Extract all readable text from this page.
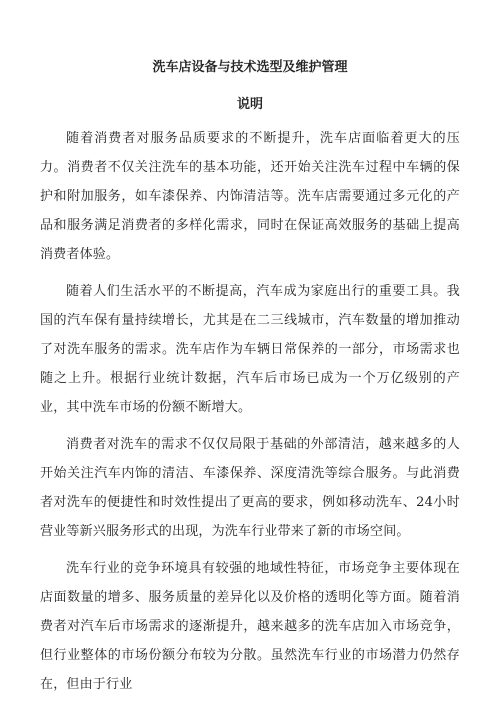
洗车店设备与技术选型及维护管理
说明

随着消费者对服务品质要求的不断提升，洗车店面临着更大的压力。消费者不仅关注洗车的基本功能，还开始关注洗车过程中车辆的保护和附加服务，如车漆保养、内饰清洁等。洗车店需要通过多元化的产品和服务满足消费者的多样化需求，同时在保证高效服务的基础上提高消费者体验。

随着人们生活水平的不断提高，汽车成为家庭出行的重要工具。我国的汽车保有量持续增长，尤其是在二三线城市，汽车数量的增加推动了对洗车服务的需求。洗车店作为车辆日常保养的一部分，市场需求也随之上升。根据行业统计数据，汽车后市场已成为一个万亿级别的产业，其中洗车市场的份额不断增大。

消费者对洗车的需求不仅仅局限于基础的外部清洁，越来越多的人开始关注汽车内饰的清洁、车漆保养、深度清洗等综合服务。与此消费者对洗车的便捷性和时效性提出了更高的要求，例如移动洗车、24小时营业等新兴服务形式的出现，为洗车行业带来了新的市场空间。

洗车行业的竞争环境具有较强的地域性特征，市场竞争主要体现在店面数量的增多、服务质量的差异化以及价格的透明化等方面。随着消费者对汽车后市场需求的逐渐提升，越来越多的洗车店加入市场竞争，但行业整体的市场份额分布较为分散。虽然洗车行业的市场潜力仍然存在，但由于行业
